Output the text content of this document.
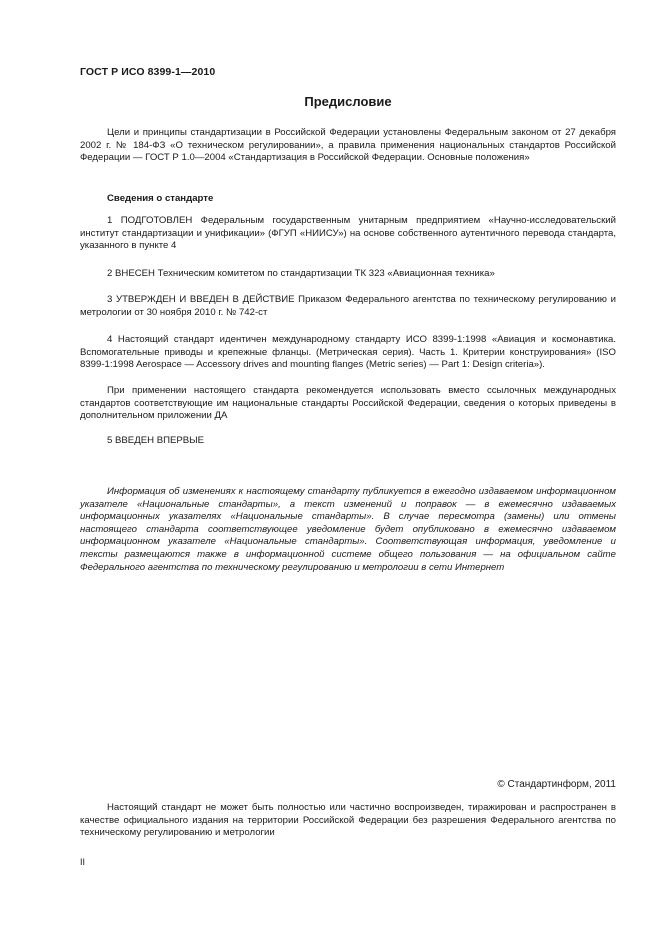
ГОСТ Р ИСО 8399-1—2010
Предисловие

Цели и принципы стандартизации в Российской Федерации установлены Федеральным законом от 27 декабря 2002 г. № 184-ФЗ «О техническом регулировании», а правила применения национальных стандартов Российской Федерации — ГОСТ Р 1.0—2004 «Стандартизация в Российской Федерации. Основные положения»

Сведения о стандарте

1 ПОДГОТОВЛЕН Федеральным государственным унитарным предприятием «Научно-исследовательский институт стандартизации и унификации» (ФГУП «НИИСУ») на основе собственного аутентичного перевода стандарта, указанного в пункте 4

2 ВНЕСЕН Техническим комитетом по стандартизации ТК 323 «Авиационная техника»

3 УТВЕРЖДЕН И ВВЕДЕН В ДЕЙСТВИЕ Приказом Федерального агентства по техническому регулированию и метрологии от 30 ноября 2010 г. № 742-ст

4 Настоящий стандарт идентичен международному стандарту ИСО 8399-1:1998 «Авиация и космонавтика. Вспомогательные приводы и крепежные фланцы. (Метрическая серия). Часть 1. Критерии конструирования» (ISO 8399-1:1998 Aerospace — Accessory drives and mounting flanges (Metric series) — Part 1: Design criteria»).

При применении настоящего стандарта рекомендуется использовать вместо ссылочных международных стандартов соответствующие им национальные стандарты Российской Федерации, сведения о которых приведены в дополнительном приложении ДА

5 ВВЕДЕН ВПЕРВЫЕ

Информация об изменениях к настоящему стандарту публикуется в ежегодно издаваемом информационном указателе «Национальные стандарты», а текст изменений и поправок — в ежемесячно издаваемых информационных указателях «Национальные стандарты». В случае пересмотра (замены) или отмены настоящего стандарта соответствующее уведомление будет опубликовано в ежемесячно издаваемом информационном указателе «Национальные стандарты». Соответствующая информация, уведомление и тексты размещаются также в информационной системе общего пользования — на официальном сайте Федерального агентства по техническому регулированию и метрологии в сети Интернет

© Стандартинформ, 2011

Настоящий стандарт не может быть полностью или частично воспроизведен, тиражирован и распространен в качестве официального издания на территории Российской Федерации без разрешения Федерального агентства по техническому регулированию и метрологии

II
